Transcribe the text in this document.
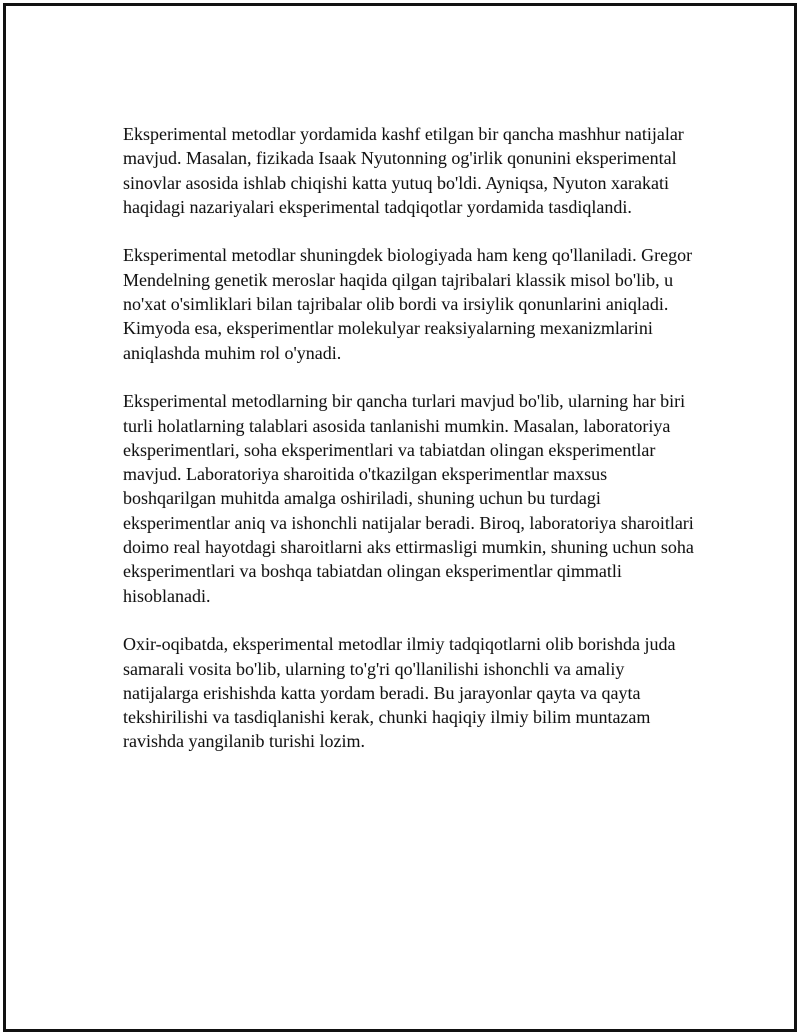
Eksperimental metodlar yordamida kashf etilgan bir qancha mashhur natijalar mavjud. Masalan, fizikada Isaak Nyutonning og'irlik qonunini eksperimental sinovlar asosida ishlab chiqishi katta yutuq bo'ldi. Ayniqsa, Nyuton xarakati haqidagi nazariyalari eksperimental tadqiqotlar yordamida tasdiqlandi.

Eksperimental metodlar shuningdek biologiyada ham keng qo'llaniladi. Gregor Mendelning genetik meroslar haqida qilgan tajribalari klassik misol bo'lib, u no'xat o'simliklari bilan tajribalar olib bordi va irsiylik qonunlarini aniqladi. Kimyoda esa, eksperimentlar molekulyar reaksiyalarning mexanizmlarini aniqlashda muhim rol o'ynadi.

Eksperimental metodlarning bir qancha turlari mavjud bo'lib, ularning har biri turli holatlarning talablari asosida tanlanishi mumkin. Masalan, laboratoriya eksperimentlari, soha eksperimentlari va tabiatdan olingan eksperimentlar mavjud. Laboratoriya sharoitida o'tkazilgan eksperimentlar maxsus boshqarilgan muhitda amalga oshiriladi, shuning uchun bu turdagi eksperimentlar aniq va ishonchli natijalar beradi. Biroq, laboratoriya sharoitlari doimo real hayotdagi sharoitlarni aks ettirmasligi mumkin, shuning uchun soha eksperimentlari va boshqa tabiatdan olingan eksperimentlar qimmatli hisoblanadi.

Oxir-oqibatda, eksperimental metodlar ilmiy tadqiqotlarni olib borishda juda samarali vosita bo'lib, ularning to'g'ri qo'llanilishi ishonchli va amaliy natijalarga erishishda katta yordam beradi. Bu jarayonlar qayta va qayta tekshirilishi va tasdiqlanishi kerak, chunki haqiqiy ilmiy bilim muntazam ravishda yangilanib turishi lozim.
